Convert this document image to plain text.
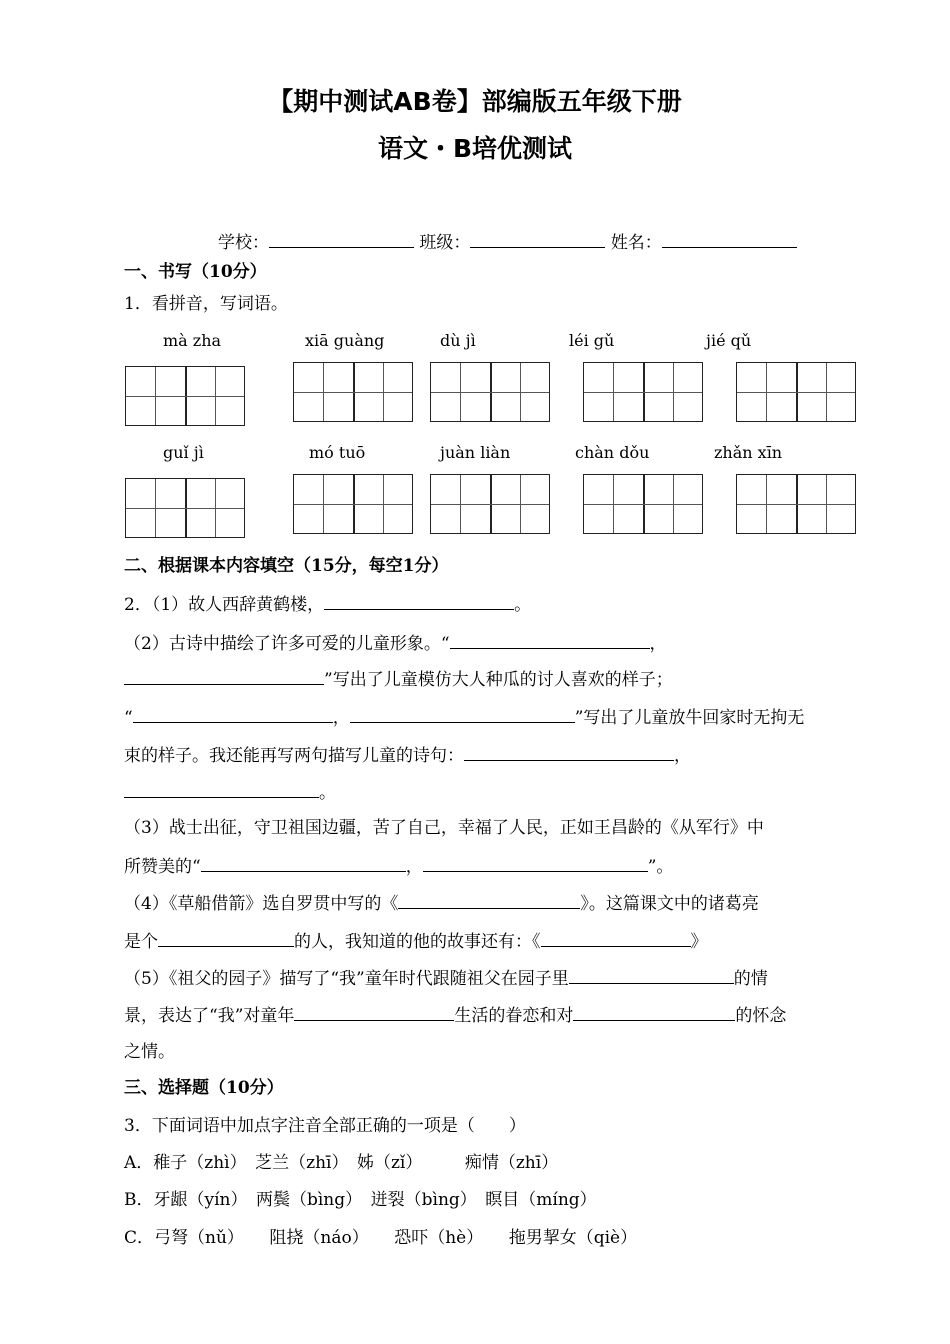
【期中测试AB卷】部编版五年级下册
语文・B培优测试
学校：	班级：	姓名：
一、书写（10分）
1．看拼音，写词语。
mà zha	xiā guàng	dù jì	léi gǔ	jié qǔ
guǐ jì	mó tuō	juàn liàn	chàn dǒu	zhǎn xīn
二、根据课本内容填空（15分，每空1分）
2．（1）故人西辞黄鹤楼，	。
（2）古诗中描绘了许多可爱的儿童形象。“	，
”写出了儿童模仿大人种瓜的讨人喜欢的样子；
“	，	”写出了儿童放牛回家时无拘无
束的样子。我还能再写两句描写儿童的诗句：	，
。
（3）战士出征，守卫祖国边疆，苦了自己，幸福了人民，正如王昌龄的《从军行》中
所赞美的“	，	”。
（4）《草船借箭》选自罗贯中写的《	》。这篇课文中的诸葛亮
是个	的人，我知道的他的故事还有：《	》
（5）《祖父的园子》描写了“我”童年时代跟随祖父在园子里	的情
景，表达了“我”对童年	生活的眷恋和对	的怀念
之情。
三、选择题（10分）
3．下面词语中加点字注音全部正确的一项是（　　）
A．稚子（zhì）　芝兰（zhī）　姊（zǐ）　　　痴情（zhī）
B．牙龈（yín）　两鬓（bìng）　迸裂（bìng）　瞑目（míng）
C．弓弩（nǔ）　　阻挠（náo）　　恐吓（hè）　　拖男挈女（qiè）
